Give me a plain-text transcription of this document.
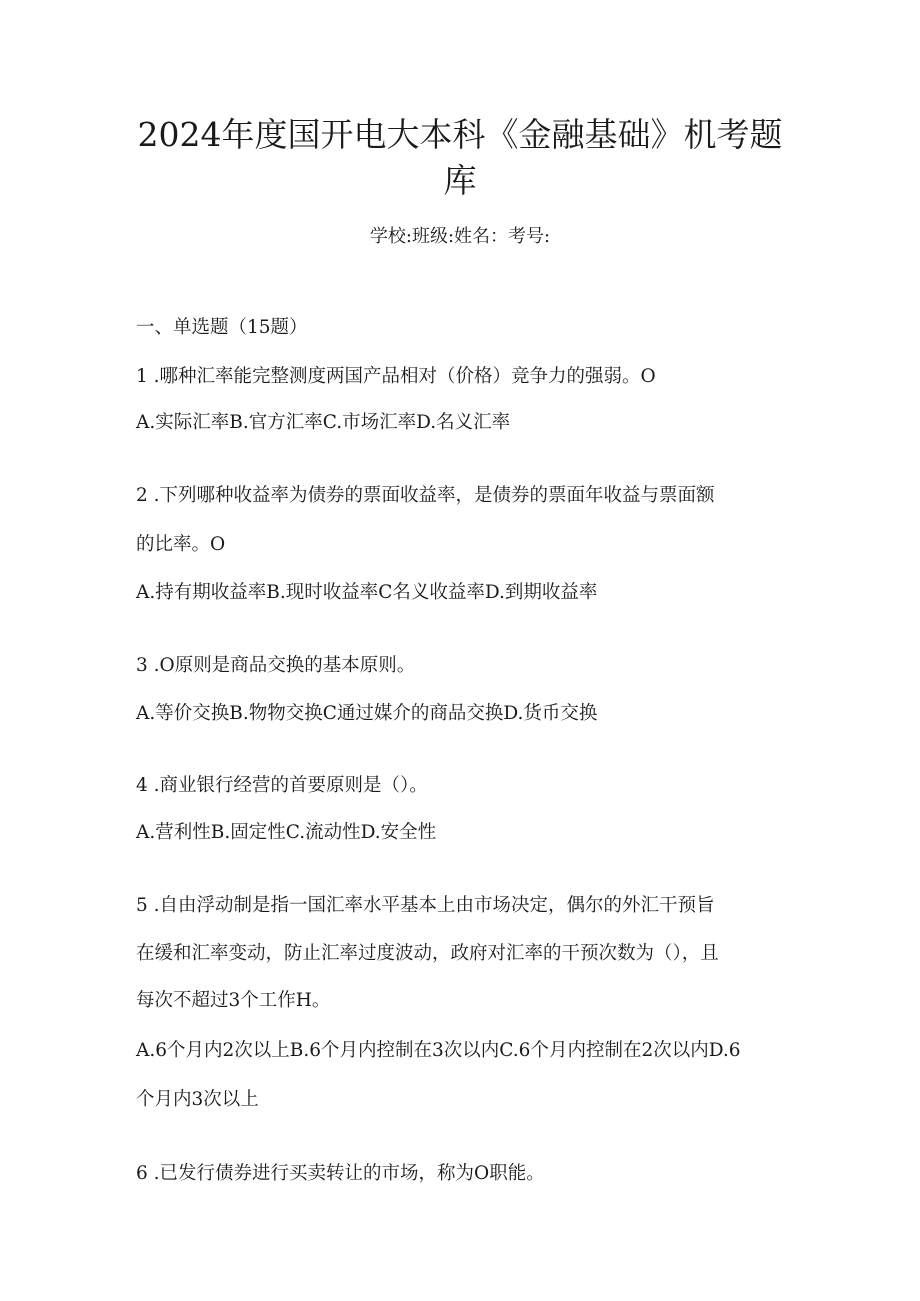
2024年度国开电大本科《金融基础》机考题
库
学校:班级:姓名：考号:
一、单选题（15题）
1 .哪种汇率能完整测度两国产品相对（价格）竞争力的强弱。O
A.实际汇率B.官方汇率C.市场汇率D.名义汇率
2 .下列哪种收益率为债券的票面收益率，是债券的票面年收益与票面额
的比率。O
A.持有期收益率B.现时收益率C名义收益率D.到期收益率
3 .O原则是商品交换的基本原则。
A.等价交换B.物物交换C通过媒介的商品交换D.货币交换
4 .商业银行经营的首要原则是（）。
A.营利性B.固定性C.流动性D.安全性
5 .自由浮动制是指一国汇率水平基本上由市场决定，偶尔的外汇干预旨
在缓和汇率变动，防止汇率过度波动，政府对汇率的干预次数为（），且
每次不超过3个工作H。
A.6个月内2次以上B.6个月内控制在3次以内C.6个月内控制在2次以内D.6
个月内3次以上
6 .已发行债券进行买卖转让的市场，称为O职能。
